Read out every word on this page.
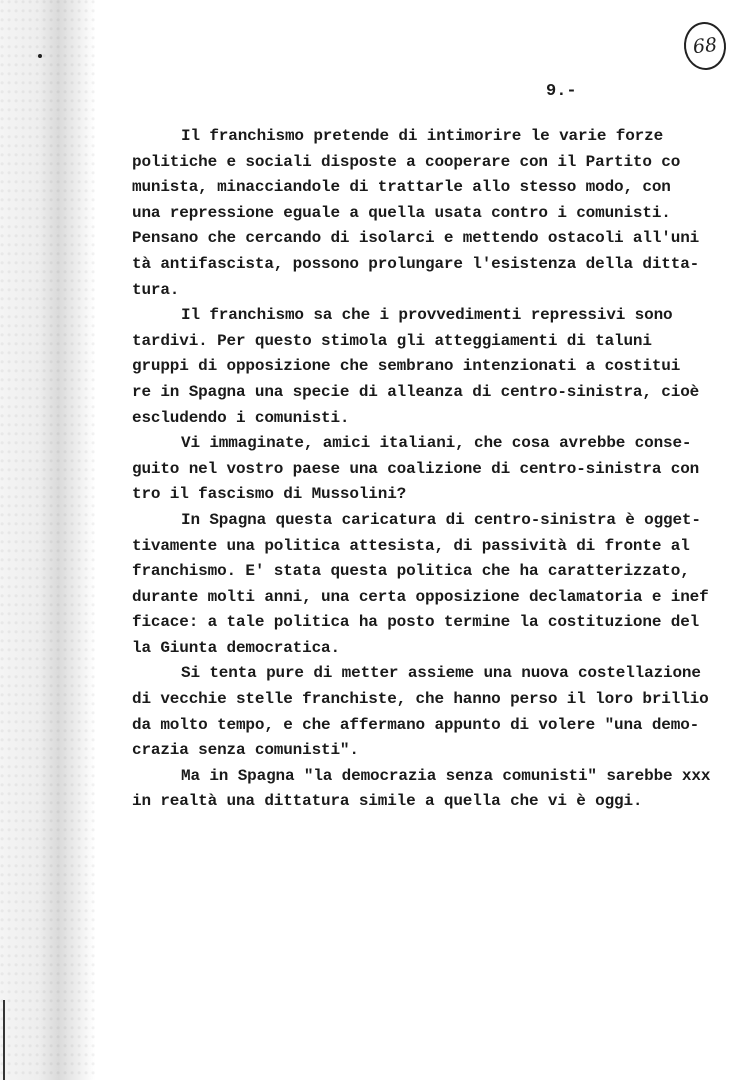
68
9.-
Il franchismo pretende di intimorire le varie forze
politiche e sociali disposte a cooperare con il Partito co
munista, minacciandole di trattarle allo stesso modo, con
una repressione eguale a quella usata contro i comunisti.
Pensano che cercando di isolarci e mettendo ostacoli all'uni
tà antifascista, possono prolungare l'esistenza della ditta-
tura.
Il franchismo sa che i provvedimenti repressivi sono
tardivi. Per questo stimola gli atteggiamenti di taluni
gruppi di opposizione che sembrano intenzionati a costitui
re in Spagna una specie di alleanza di centro-sinistra, cioè
escludendo i comunisti.
Vi immaginate, amici italiani, che cosa avrebbe conse-
guito nel vostro paese una coalizione di centro-sinistra con
tro il fascismo di Mussolini?
In Spagna questa caricatura di centro-sinistra è ogget-
tivamente una politica attesista, di passività di fronte al
franchismo. E' stata questa politica che ha caratterizzato,
durante molti anni, una certa opposizione declamatoria e inef
ficace: a tale politica ha posto termine la costituzione del
la Giunta democratica.
Si tenta pure di metter assieme una nuova costellazione
di vecchie stelle franchiste, che hanno perso il loro brillio
da molto tempo, e che affermano appunto di volere "una demo-
crazia senza comunisti".
Ma in Spagna "la democrazia senza comunisti" sarebbe xxx
in realtà una dittatura simile a quella che vi è oggi.
